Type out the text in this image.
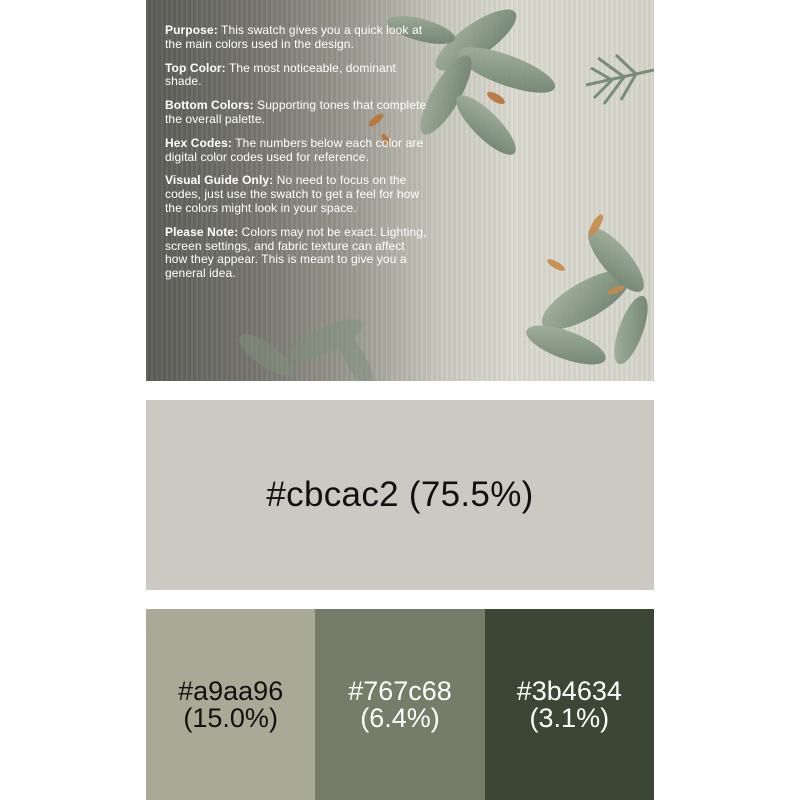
Purpose: This swatch gives you a quick look at the main colors used in the design.

Top Color: The most noticeable, dominant shade.

Bottom Colors: Supporting tones that complete the overall palette.

Hex Codes: The numbers below each color are digital color codes used for reference.

Visual Guide Only: No need to focus on the codes, just use the swatch to get a feel for how the colors might look in your space.

Please Note: Colors may not be exact. Lighting, screen settings, and fabric texture can affect how they appear. This is meant to give you a general idea.

#cbcac2
(75.5%)
#a9aa96
(15.0%)
#767c68
(6.4%)
#3b4634
(3.1%)
